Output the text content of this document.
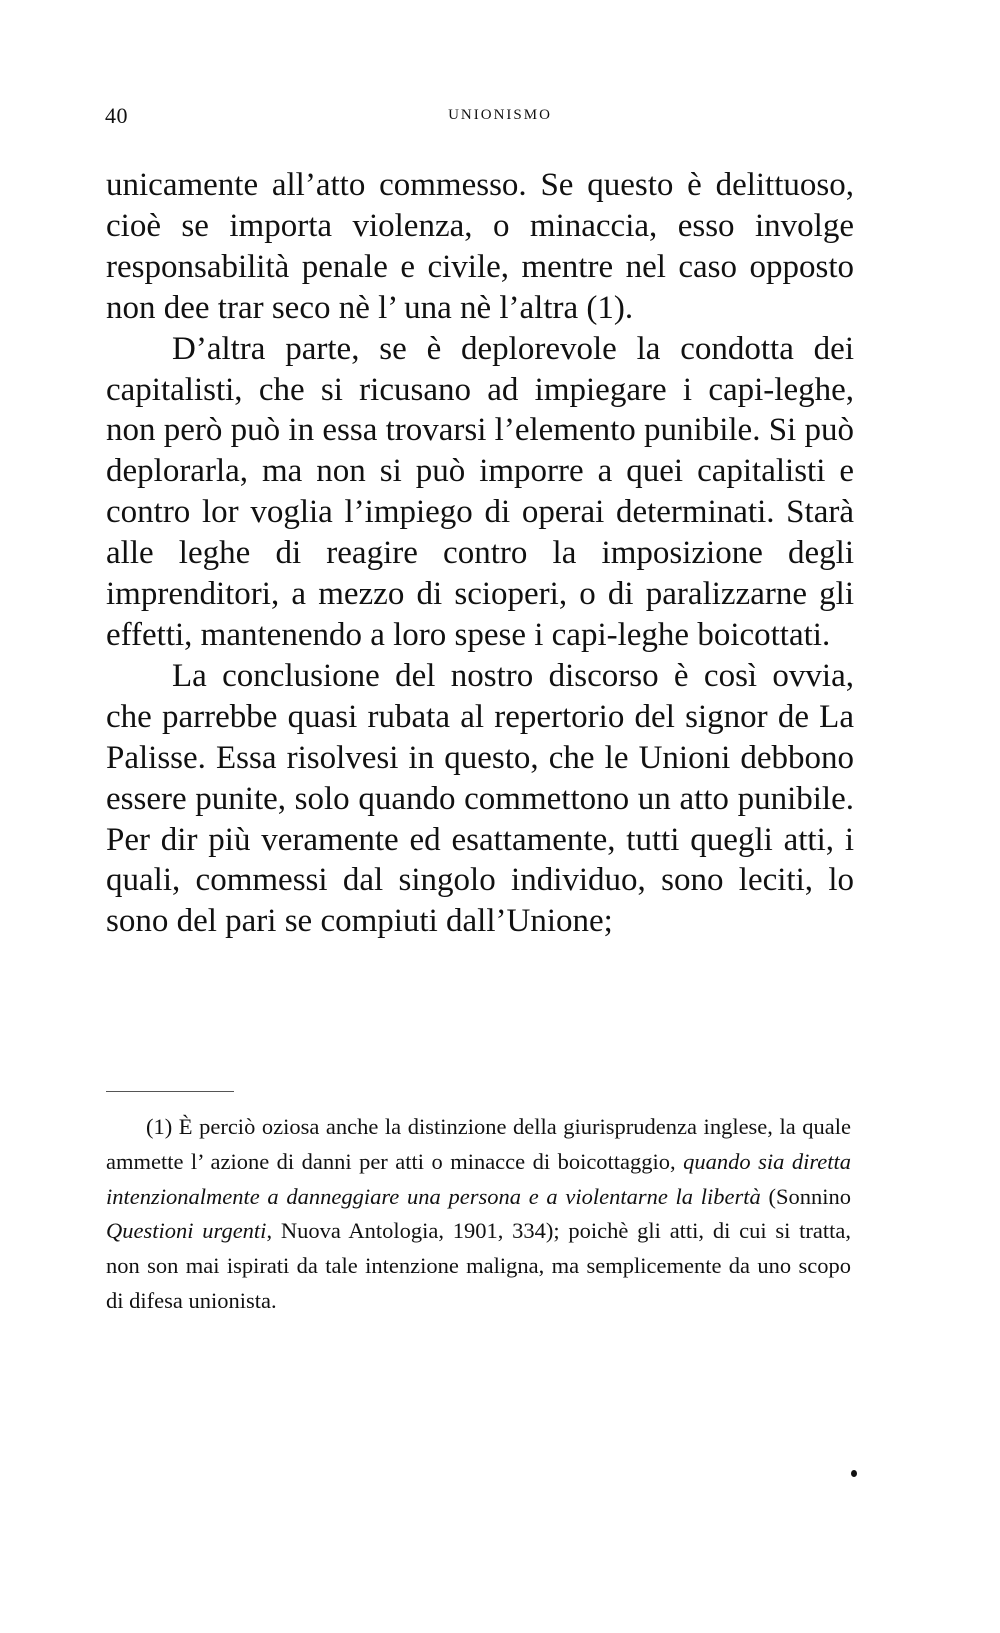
40	UNIONISMO

unicamente all’atto commesso. Se questo è delittuoso, cioè se importa violenza, o minaccia, esso involge responsabilità penale e civile, mentre nel caso opposto non dee trar seco nè l’ una nè l’altra (1).

D’altra parte, se è deplorevole la condotta dei capitalisti, che si ricusano ad impiegare i capi-leghe, non però può in essa trovarsi l’elemento punibile. Si può deplorarla, ma non si può imporre a quei capitalisti e contro lor voglia l’impiego di operai determinati. Starà alle leghe di reagire contro la imposizione degli imprenditori, a mezzo di scioperi, o di paralizzarne gli effetti, mantenendo a loro spese i capi-leghe boicottati.

La conclusione del nostro discorso è così ovvia, che parrebbe quasi rubata al repertorio del signor de La Palisse. Essa risolvesi in questo, che le Unioni debbono essere punite, solo quando commettono un atto punibile. Per dir più veramente ed esattamente, tutti quegli atti, i quali, commessi dal singolo individuo, sono leciti, lo sono del pari se compiuti dall’Unione;

(1) È perciò oziosa anche la distinzione della giurisprudenza inglese, la quale ammette l’ azione di danni per atti o minacce di boicottaggio, quando sia diretta intenzionalmente a danneggiare una persona e a violentarne la libertà (Sonnino Questioni urgenti, Nuova Antologia, 1901, 334); poichè gli atti, di cui si tratta, non son mai ispirati da tale intenzione maligna, ma semplicemente da uno scopo di difesa unionista.
